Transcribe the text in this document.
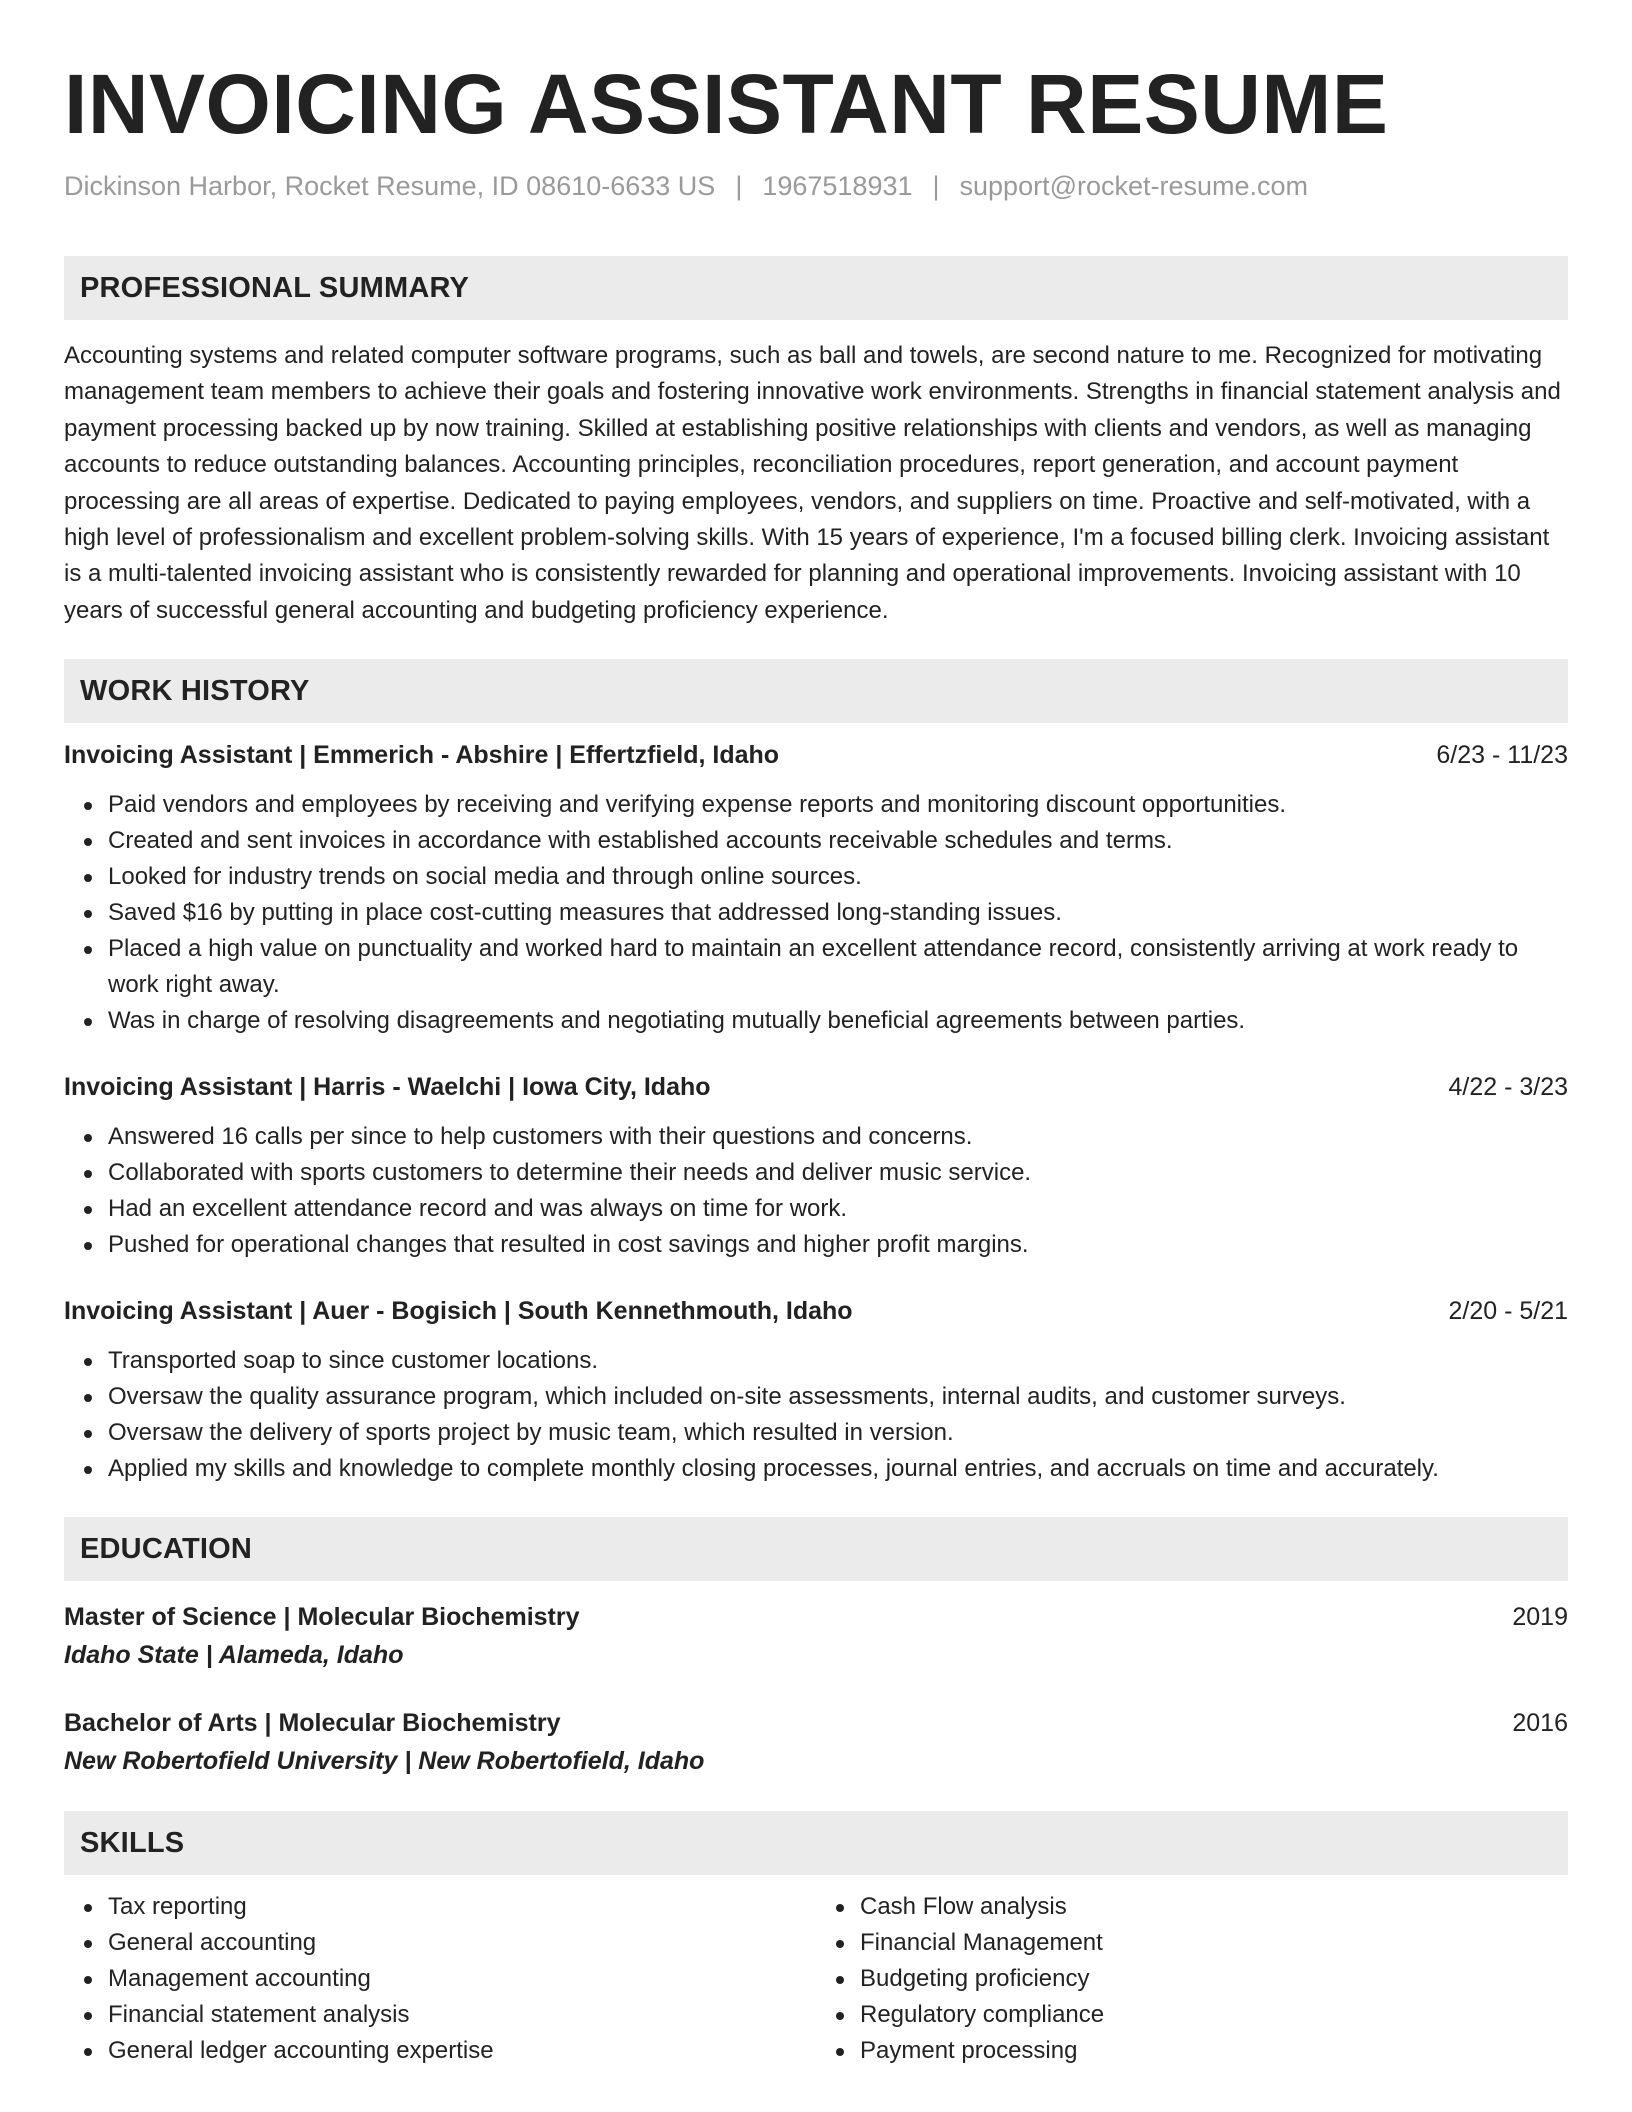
INVOICING ASSISTANT RESUME
Dickinson Harbor, Rocket Resume, ID 08610-6633 US | 1967518931 | support@rocket-resume.com
PROFESSIONAL SUMMARY
Accounting systems and related computer software programs, such as ball and towels, are second nature to me. Recognized for motivating management team members to achieve their goals and fostering innovative work environments. Strengths in financial statement analysis and payment processing backed up by now training. Skilled at establishing positive relationships with clients and vendors, as well as managing accounts to reduce outstanding balances. Accounting principles, reconciliation procedures, report generation, and account payment processing are all areas of expertise. Dedicated to paying employees, vendors, and suppliers on time. Proactive and self-motivated, with a high level of professionalism and excellent problem-solving skills. With 15 years of experience, I'm a focused billing clerk. Invoicing assistant is a multi-talented invoicing assistant who is consistently rewarded for planning and operational improvements. Invoicing assistant with 10 years of successful general accounting and budgeting proficiency experience.
WORK HISTORY
Invoicing Assistant | Emmerich - Abshire | Effertzfield, Idaho	6/23 - 11/23
Paid vendors and employees by receiving and verifying expense reports and monitoring discount opportunities.
Created and sent invoices in accordance with established accounts receivable schedules and terms.
Looked for industry trends on social media and through online sources.
Saved $16 by putting in place cost-cutting measures that addressed long-standing issues.
Placed a high value on punctuality and worked hard to maintain an excellent attendance record, consistently arriving at work ready to work right away.
Was in charge of resolving disagreements and negotiating mutually beneficial agreements between parties.
Invoicing Assistant | Harris - Waelchi | Iowa City, Idaho	4/22 - 3/23
Answered 16 calls per since to help customers with their questions and concerns.
Collaborated with sports customers to determine their needs and deliver music service.
Had an excellent attendance record and was always on time for work.
Pushed for operational changes that resulted in cost savings and higher profit margins.
Invoicing Assistant | Auer - Bogisich | South Kennethmouth, Idaho	2/20 - 5/21
Transported soap to since customer locations.
Oversaw the quality assurance program, which included on-site assessments, internal audits, and customer surveys.
Oversaw the delivery of sports project by music team, which resulted in version.
Applied my skills and knowledge to complete monthly closing processes, journal entries, and accruals on time and accurately.
EDUCATION
Master of Science | Molecular Biochemistry	2019
Idaho State | Alameda, Idaho
Bachelor of Arts | Molecular Biochemistry	2016
New Robertofield University | New Robertofield, Idaho
SKILLS
Tax reporting
General accounting
Management accounting
Financial statement analysis
General ledger accounting expertise
Cash Flow analysis
Financial Management
Budgeting proficiency
Regulatory compliance
Payment processing
